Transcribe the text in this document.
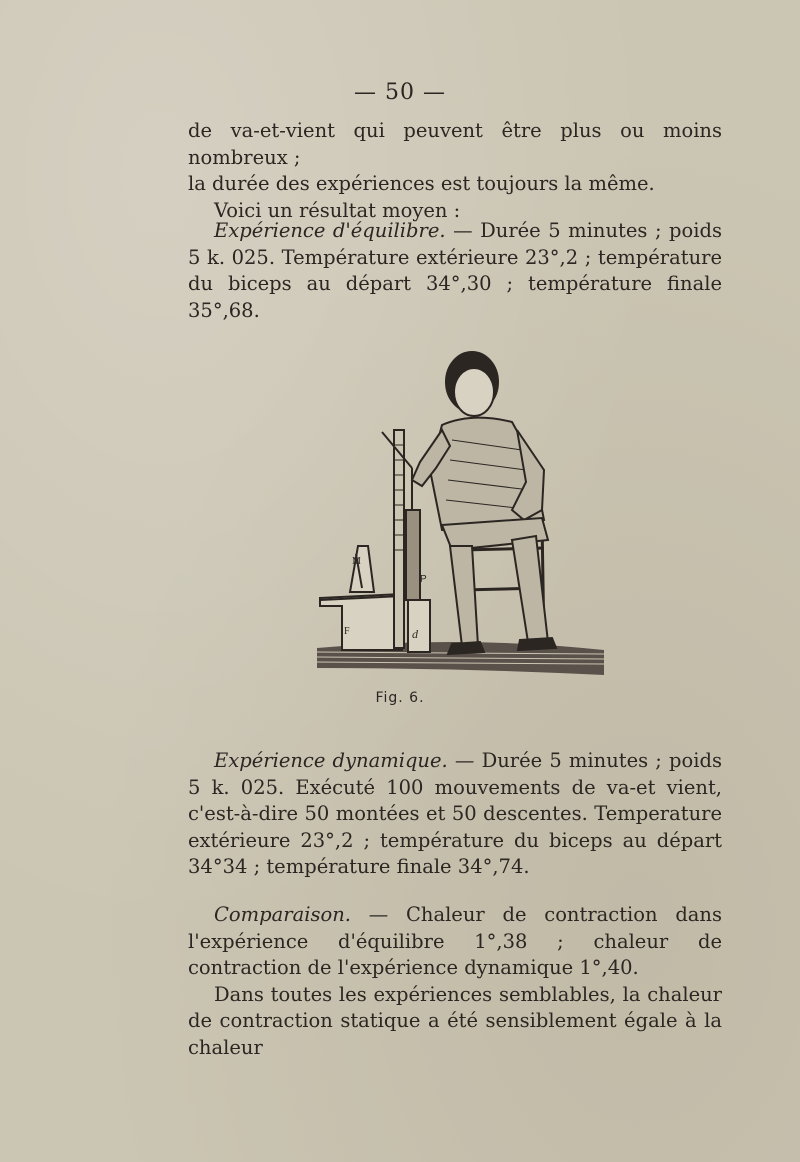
— 50 —

de va-et-vient qui peuvent être plus ou moins nombreux ;

la durée des expériences est toujours la même.

Voici un résultat moyen :

Expérience d'équilibre. — Durée 5 minutes ; poids 5 k. 025. Température extérieure 23°,2 ; température du biceps au départ 34°,30 ; température finale 35°,68.

P
d
F
M
Fig. 6.

Expérience dynamique. — Durée 5 minutes ; poids 5 k. 025. Exécuté 100 mouvements de va-et vient, c'est-à-dire 50 montées et 50 descentes. Temperature extérieure 23°,2 ; température du biceps au départ 34°34 ; température finale 34°,74.

Comparaison. — Chaleur de contraction dans l'expérience d'équilibre 1°,38 ; chaleur de contraction de l'expérience dynamique 1°,40.

Dans toutes les expériences semblables, la chaleur de contraction statique a été sensiblement égale à la chaleur
